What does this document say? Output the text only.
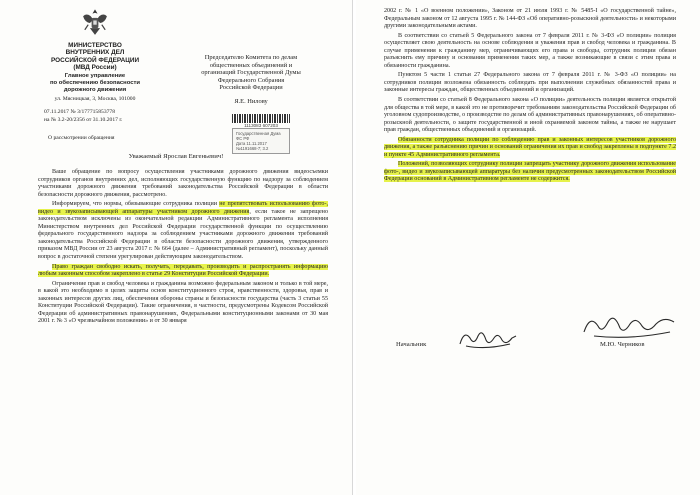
МИНИСТЕРСТВО
ВНУТРЕННИХ ДЕЛ
РОССИЙСКОЙ ФЕДЕРАЦИИ
(МВД России)
Главное управление
по обеспечению безопасности
дорожного движения
ул. Мясницкая, 3, Москва, 101000
07.11.2017 № 3/177715853778
на № 3.2-20/2356 от 31.10.2017 г.
О рассмотрении обращения
Председателю Комитета по делам
общественных объединений и
организаций Государственной Думы
Федерального Собрания
Российской Федерации
Я.Е. Нилову
1113083 607203
Государственная Дума ФС РФ
Дата 11.11.2017
№1191668-7; 3.2
Уважаемый Ярослав Евгеньевич!

Ваше обращение по вопросу осуществления участниками дорожного движения видеосъемки сотрудников органов внутренних дел, исполняющих государственную функцию по надзору за соблюдением участниками дорожного движения требований законодательства Российской Федерации в области безопасности дорожного движения, рассмотрено.

Информируем, что нормы, обязывающие сотрудника полиции не препятствовать использованию фото-, видео и звукозаписывающей аппаратуры участником дорожного движения, если такое не запрещено законодательством исключены из окончательной редакции Административного регламента исполнения Министерством внутренних дел Российской Федерации государственной функции по осуществлению федерального государственного надзора за соблюдением участниками дорожного движения требований законодательства Российской Федерации в области безопасности дорожного движения, утвержденного приказом МВД России от 23 августа 2017 г. № 664 (далее – Административный регламент), поскольку данный вопрос в достаточной степени урегулирован действующим законодательством.

Право граждан свободно искать, получать, передавать, производить и распространять информацию любым законным способом закреплено в статье 29 Конституции Российской Федерации.

Ограничение прав и свобод человека и гражданина возможно федеральным законом и только в той мере, в какой это необходимо в целях защиты основ конституционного строя, нравственности, здоровья, прав и законных интересов других лиц, обеспечения обороны страны и безопасности государства (часть 3 статьи 55 Конституции Российской Федерации). Такие ограничения, в частности, предусмотрены Кодексом Российской Федерации об административных правонарушениях, Федеральными конституционными законами от 30 мая 2001 г. № 3 «О чрезвычайном положении» и от 30 января

2002 г. № 1 «О военном положении», Законом от 21 июля 1993 г. № 5485-I «О государственной тайне», Федеральным законом от 12 августа 1995 г. № 144-ФЗ «Об оперативно-розыскной деятельности» и некоторыми другими законодательными актами.

В соответствии со статьей 5 Федерального закона от 7 февраля 2011 г. № 3-ФЗ «О полиции» полиция осуществляет свою деятельность на основе соблюдения и уважения прав и свобод человека и гражданина. В случае применения к гражданину мер, ограничивающих его права и свободы, сотрудник полиции обязан разъяснить ему причину и основания применения таких мер, а также возникающие в связи с этим права и обязанности гражданина.

Пунктом 5 части 1 статьи 27 Федерального закона от 7 февраля 2011 г. № 3-ФЗ «О полиции» на сотрудников полиции возложена обязанность соблюдать при выполнении служебных обязанностей права и законные интересы граждан, общественных объединений и организаций.

В соответствии со статьей 8 Федерального закона «О полиции» деятельность полиции является открытой для общества в той мере, в какой это не противоречит требованиям законодательства Российской Федерации об уголовном судопроизводстве, о производстве по делам об административных правонарушениях, об оперативно-розыскной деятельности, о защите государственной и иной охраняемой законом тайны, а также не нарушает прав граждан, общественных объединений и организаций.

Обязанности сотрудника полиции по соблюдению прав и законных интересов участников дорожного движения, а также разъяснению причин и оснований ограничения их прав и свобод закреплены в подпункте 7.2 и пункте 45 Административного регламента.

Положений, позволяющих сотруднику полиции запрещать участнику дорожного движения использование фото-, видео и звукозаписывающей аппаратуры без наличия предусмотренных законодательством Российской Федерации оснований в Административном регламенте не содержится.

Начальник	М.Ю. Черников
